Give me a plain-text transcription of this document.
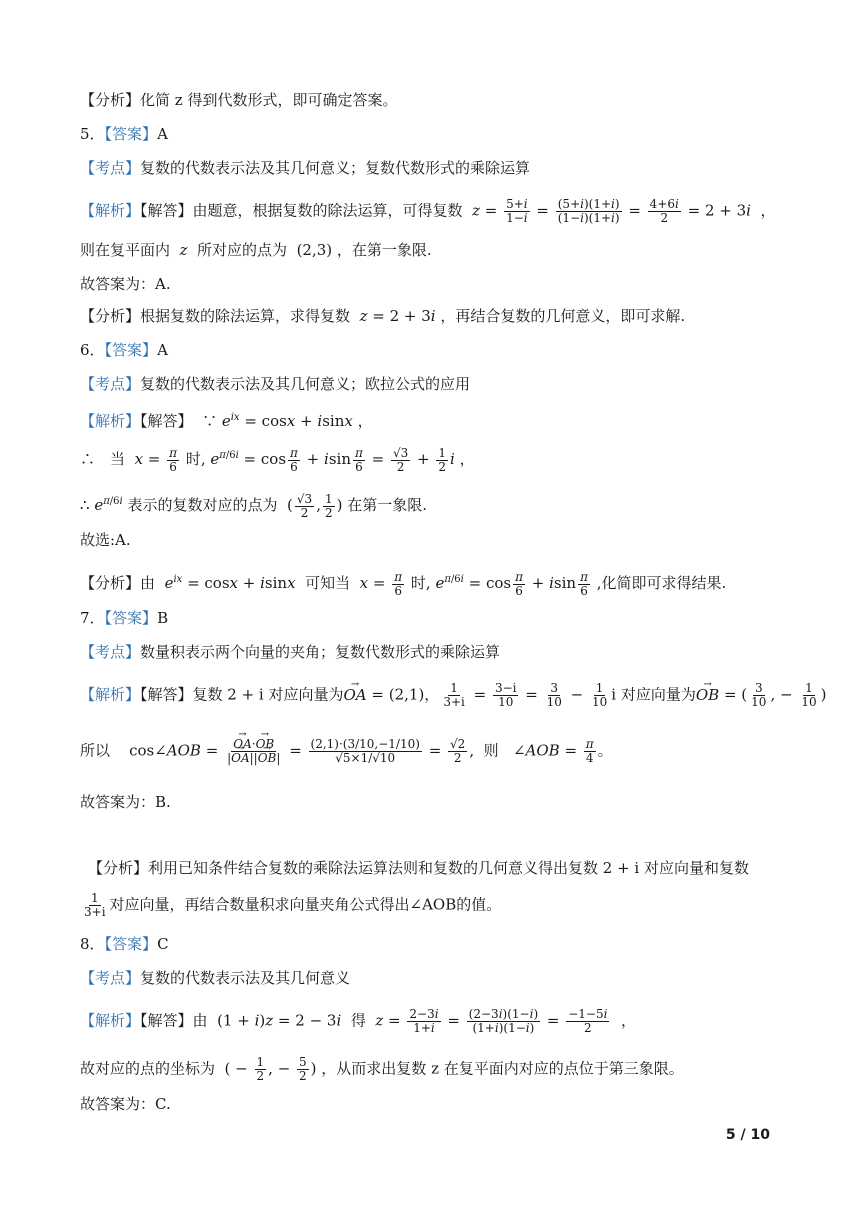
【分析】化简 z 得到代数形式，即可确定答案。
5．【答案】A
【考点】复数的代数表示法及其几何意义；复数代数形式的乘除运算
【解析】【解答】由题意，根据复数的除法运算，可得复数 $z = \frac{5+i}{1-i} = \frac{(5+i)(1+i)}{(1-i)(1+i)} = \frac{4+6i}{2} = 2 + 3i$  ，
则在复平面内 z 所对应的点为 (2,3) ，在第一象限.
故答案为：A.
【分析】根据复数的除法运算，求得复数 z = 2 + 3i ，再结合复数的几何意义，即可求解.
6．【答案】A
【考点】复数的代数表示法及其几何意义；欧拉公式的应用
【解析】【解答】  ∵ $e^{ix} = \cos x + isinx$ ，
∴　当 $x = \frac{\pi}{6}$ 时, $e^{\pi/6i} = \cos \frac{\pi}{6} + isin \frac{\pi}{6} = \frac{√3}{2} + \frac{1}{2}$ i ，
∴ $e^{\pi/6i}$ 表示的复数对应的点为  ( $\frac{√3}{2}$ , $\frac{1}{2}$ ) 在第一象限.
故选:A.
【分析】由 $e^{ix} = \cos x + isinx$ 可知当 $x = \frac{\pi}{6}$ 时, $e^{\pi/6i} = \cos \frac{\pi}{6} + isin \frac{\pi}{6}$ ,化简即可求得结果.
7．【答案】B
【考点】数量积表示两个向量的夹角；复数代数形式的乘除运算
【解析】【解答】复数 2 + i 对应向量为→ OA = (2,1)， $\frac{1}{3+i} = \frac{3-i}{10} = \frac{3}{10} - \frac{1}{10}$ i 对应向量为→ OB = ( $\frac{3}{10}$ , − $\frac{1}{10}$ )
所以    cos∠AOB =
→ $\frac{OA\cdot\to OB}{|\to OA||\to OB|} = \frac{(2,1)\cdot(3/10,-1/10)}{√5\times 1/√10} = \frac{√2}{2}$ ,  则   ∠AOB = $\frac{\pi}{4}$ 。
故答案为：B.
【分析】利用已知条件结合复数的乘除法运算法则和复数的几何意义得出复数 2 + i 对应向量和复数
$\frac{1}{3+i}$ 对应向量，再结合数量积求向量夹角公式得出∠AOB的值。
8．【答案】C
【考点】复数的代数表示法及其几何意义
【解析】【解答】由  (1 + i)z = 2 − 3i 得 $z = \frac{2-3i}{1+i} = \frac{(2-3i)(1-i)}{(1+i)(1-i)} = \frac{-1-5i}{2}$ ，
故对应的点的坐标为  ( − $\frac{1}{2}$ , − $\frac{5}{2}$ ) ，从而求出复数 z 在复平面内对应的点位于第三象限。
故答案为：C.
5 / 10
